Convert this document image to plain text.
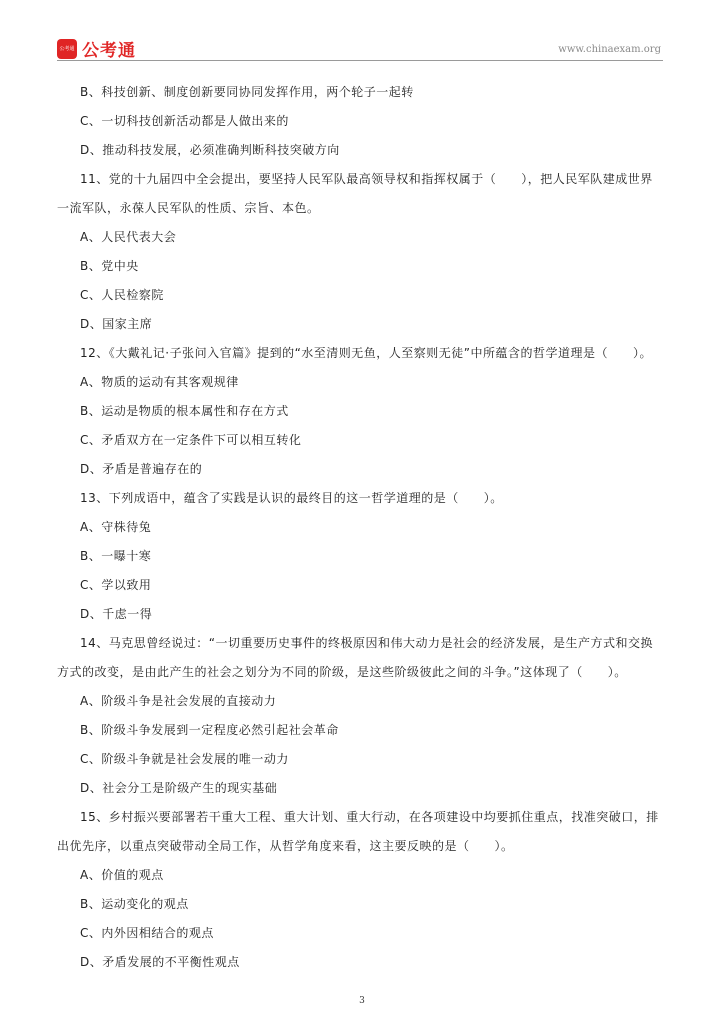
公考通 公考通	www.chinaexam.org
B、科技创新、制度创新要同协同发挥作用，两个轮子一起转
C、一切科技创新活动都是人做出来的
D、推动科技发展，必须准确判断科技突破方向
11、党的十九届四中全会提出，要坚持人民军队最高领导权和指挥权属于（　　），把人民军队建成世界
一流军队，永葆人民军队的性质、宗旨、本色。
A、人民代表大会
B、党中央
C、人民检察院
D、国家主席
12、《大戴礼记·子张问入官篇》提到的“水至清则无鱼，人至察则无徒”中所蕴含的哲学道理是（　　）。
A、物质的运动有其客观规律
B、运动是物质的根本属性和存在方式
C、矛盾双方在一定条件下可以相互转化
D、矛盾是普遍存在的
13、下列成语中，蕴含了实践是认识的最终目的这一哲学道理的是（　　）。
A、守株待兔
B、一曝十寒
C、学以致用
D、千虑一得
14、马克思曾经说过：“一切重要历史事件的终极原因和伟大动力是社会的经济发展，是生产方式和交换
方式的改变，是由此产生的社会之划分为不同的阶级，是这些阶级彼此之间的斗争。”这体现了（　　）。
A、阶级斗争是社会发展的直接动力
B、阶级斗争发展到一定程度必然引起社会革命
C、阶级斗争就是社会发展的唯一动力
D、社会分工是阶级产生的现实基础
15、乡村振兴要部署若干重大工程、重大计划、重大行动，在各项建设中均要抓住重点，找准突破口，排
出优先序，以重点突破带动全局工作，从哲学角度来看，这主要反映的是（　　）。
A、价值的观点
B、运动变化的观点
C、内外因相结合的观点
D、矛盾发展的不平衡性观点
3
